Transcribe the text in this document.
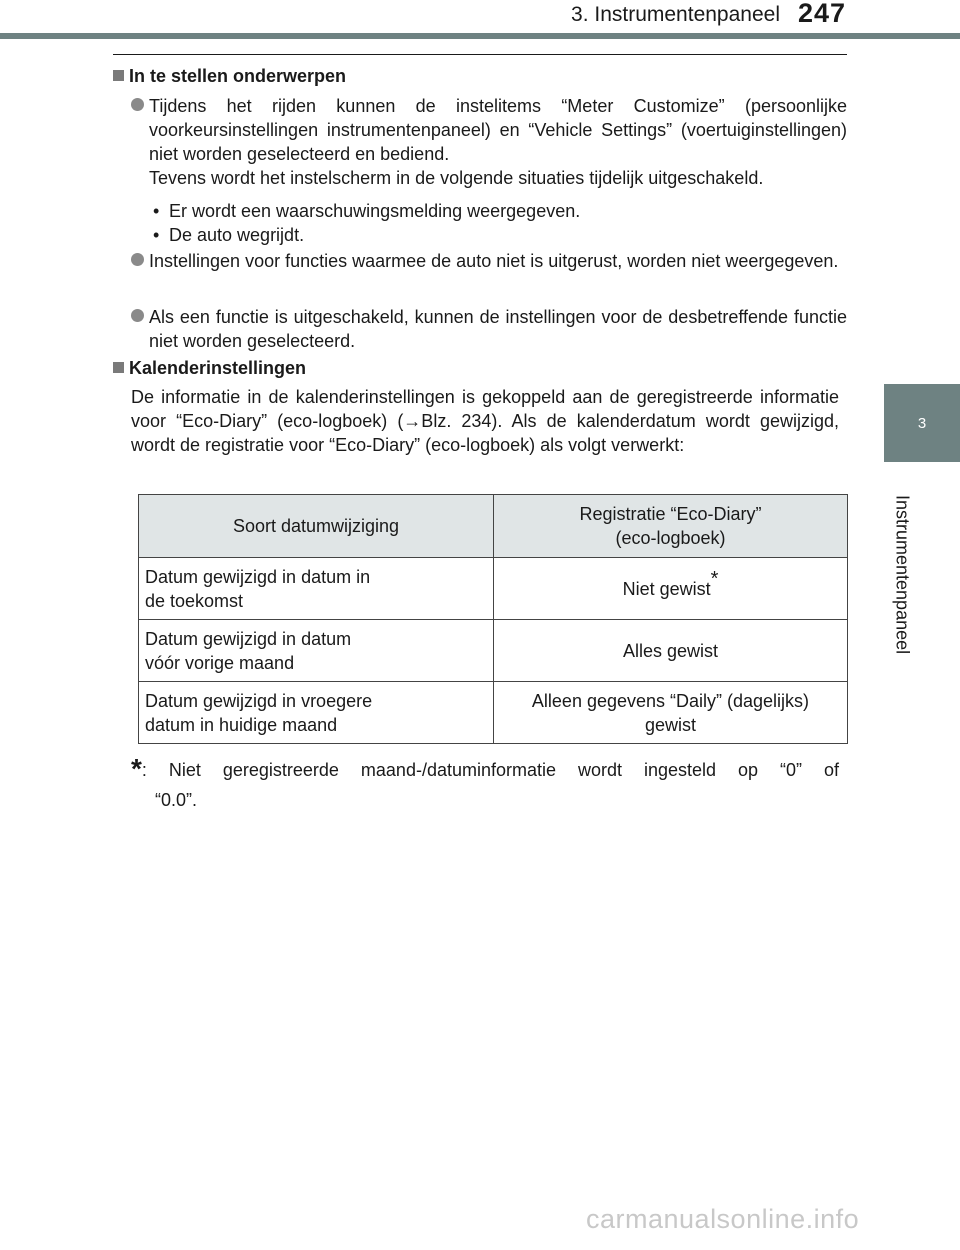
3. Instrumentenpaneel 247
3
Instrumentenpaneel
In te stellen onderwerpen

Tijdens het rijden kunnen de instelitems “Meter Customize” (persoonlijke voorkeursinstellingen instrumentenpaneel) en “Vehicle Settings” (voertuiginstellingen) niet worden geselecteerd en bediend.

Tevens wordt het instelscherm in de volgende situaties tijdelijk uitgeschakeld.

• Er wordt een waarschuwingsmelding weergegeven.
• De auto wegrijdt.

Instellingen voor functies waarmee de auto niet is uitgerust, worden niet weergegeven.

Als een functie is uitgeschakeld, kunnen de instellingen voor de desbetreffende functie niet worden geselecteerd.

Kalenderinstellingen
De informatie in de kalenderinstellingen is gekoppeld aan de geregistreerde informatie voor “Eco-Diary” (eco-logboek) (→Blz. 234). Als de kalenderdatum wordt gewijzigd, wordt de registratie voor “Eco-Diary” (eco-logboek) als volgt verwerkt:
Soort datumwijziging	Registratie “Eco-Diary”
(eco-logboek)
Datum gewijzigd in datum in
de toekomst	Niet gewist*
Datum gewijzigd in datum
vóór vorige maand	Alles gewist
Datum gewijzigd in vroegere
datum in huidige maand	Alleen gegevens “Daily” (dagelijks)
gewist
*: Niet geregistreerde maand-/datuminformatie wordt ingesteld op “0” of
“0.0”.
carmanualsonline.info
